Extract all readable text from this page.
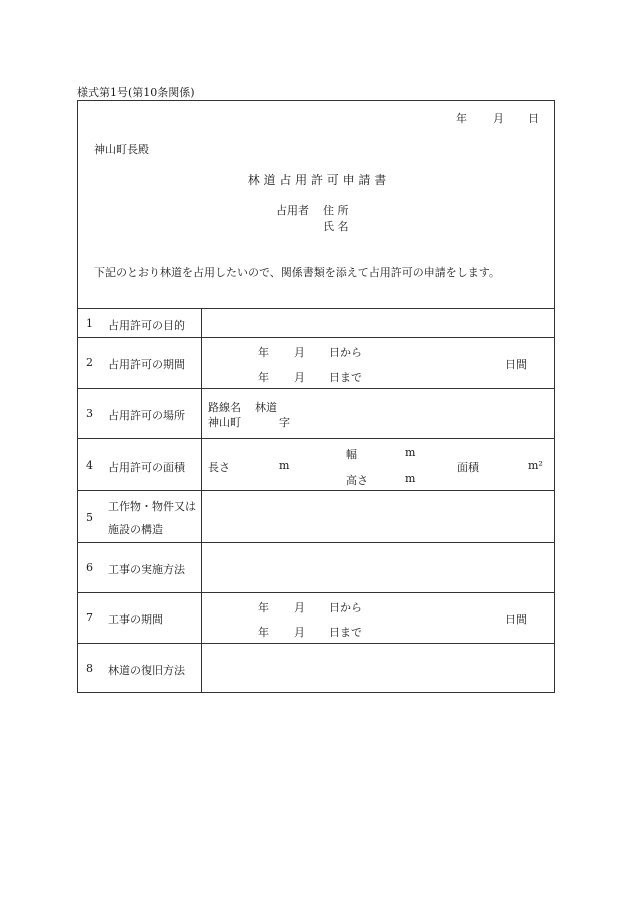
様式第1号(第10条関係)
年 月 日
神山町長殿
林 道 占 用 許 可 申 請 書
占用者 住 所
氏 名
下記のとおり林道を占用したいので、関係書類を添えて占用許可の申請をします。
1 占用許可の目的
2 占用許可の期間
年 月 日から
年 月 日まで
日間
3 占用許可の場所
路線名 林道
神山町	字
4 占用許可の面積 長さ	m
幅	m
高さ	m
面積	m²
5
工作物・物件又は
施設の構造
6 工事の実施方法
7 工事の期間
年 月 日から
年 月 日まで
日間
8 林道の復旧方法
